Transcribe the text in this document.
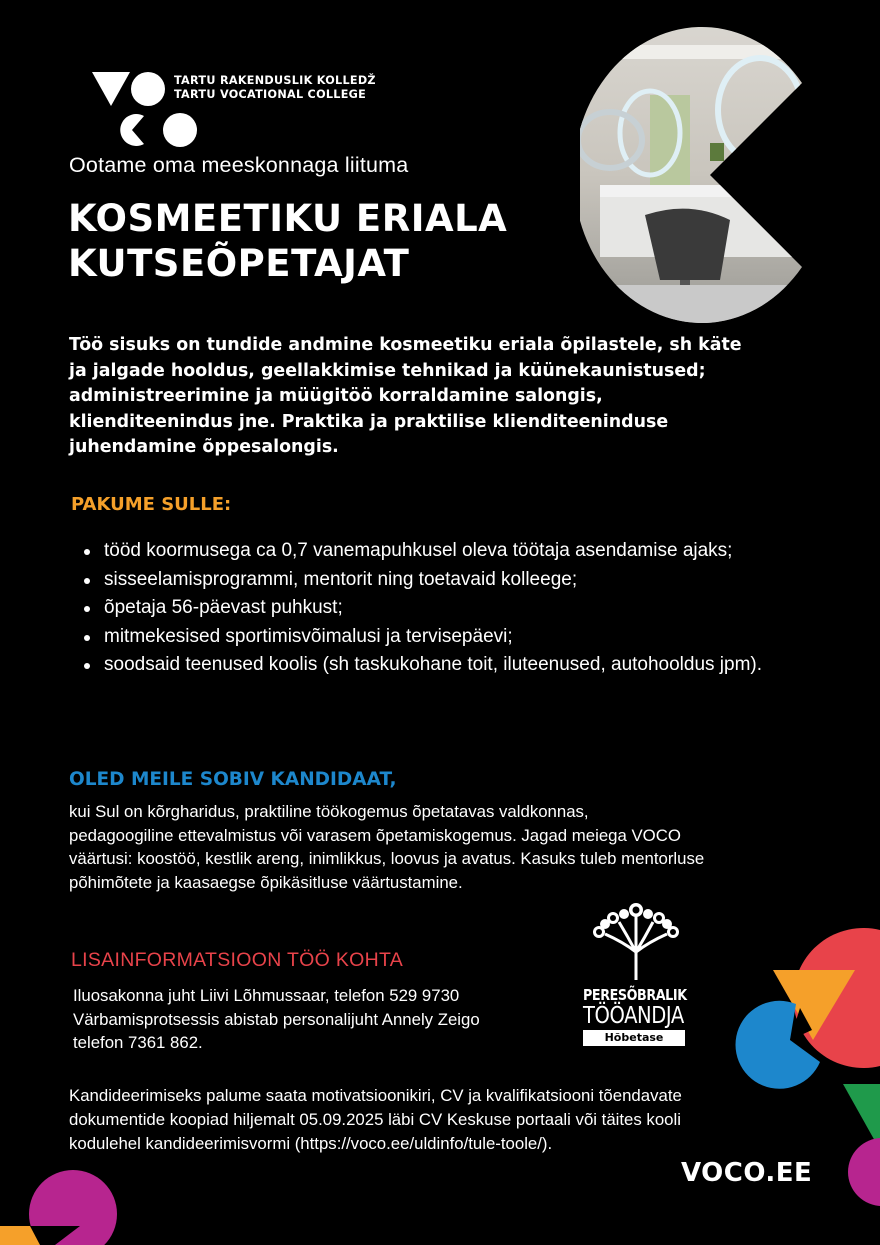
TARTU RAKENDUSLIK KOLLEDŽ
TARTU VOCATIONAL COLLEGE
Ootame oma meeskonnaga liituma
KOSMEETIKU ERIALA
KUTSEÕPETAJAT
Töö sisuks on tundide andmine kosmeetiku eriala õpilastele, sh käte
ja jalgade hooldus, geellakkimise tehnikad ja küünekaunistused;
administreerimine ja müügitöö korraldamine salongis,
klienditeenindus jne. Praktika ja praktilise klienditeeninduse
juhendamine õppesalongis.
PAKUME SULLE:
tööd koormusega ca 0,7 vanemapuhkusel oleva töötaja asendamise ajaks;
sisseelamisprogrammi, mentorit ning toetavaid kolleege;
õpetaja 56-päevast puhkust;
mitmekesised sportimisvõimalusi ja tervisepäevi;
soodsaid teenused koolis (sh taskukohane toit, iluteenused, autohooldus jpm).
OLED MEILE SOBIV KANDIDAAT,
kui Sul on kõrgharidus, praktiline töökogemus õpetatavas valdkonnas,
pedagoogiline ettevalmistus või varasem õpetamiskogemus. Jagad meiega VOCO
väärtusi: koostöö, kestlik areng, inimlikkus, loovus ja avatus. Kasuks tuleb mentorluse
põhimõtete ja kaasaegse õpikäsitluse väärtustamine.
LISAINFORMATSIOON TÖÖ KOHTA
Iluosakonna juht Liivi Lõhmussaar, telefon 529 9730
Värbamisprotsessis abistab personalijuht Annely Zeigo
telefon 7361 862.
PERESÕBRALIK
TÖÖANDJA
Hõbetase
Kandideerimiseks palume saata motivatsioonikiri, CV ja kvalifikatsiooni tõendavate
dokumentide koopiad hiljemalt 05.09.2025 läbi CV Keskuse portaali või täites kooli
kodulehel kandideerimisvormi (https://voco.ee/uldinfo/tule-toole/).
VOCO.EE
